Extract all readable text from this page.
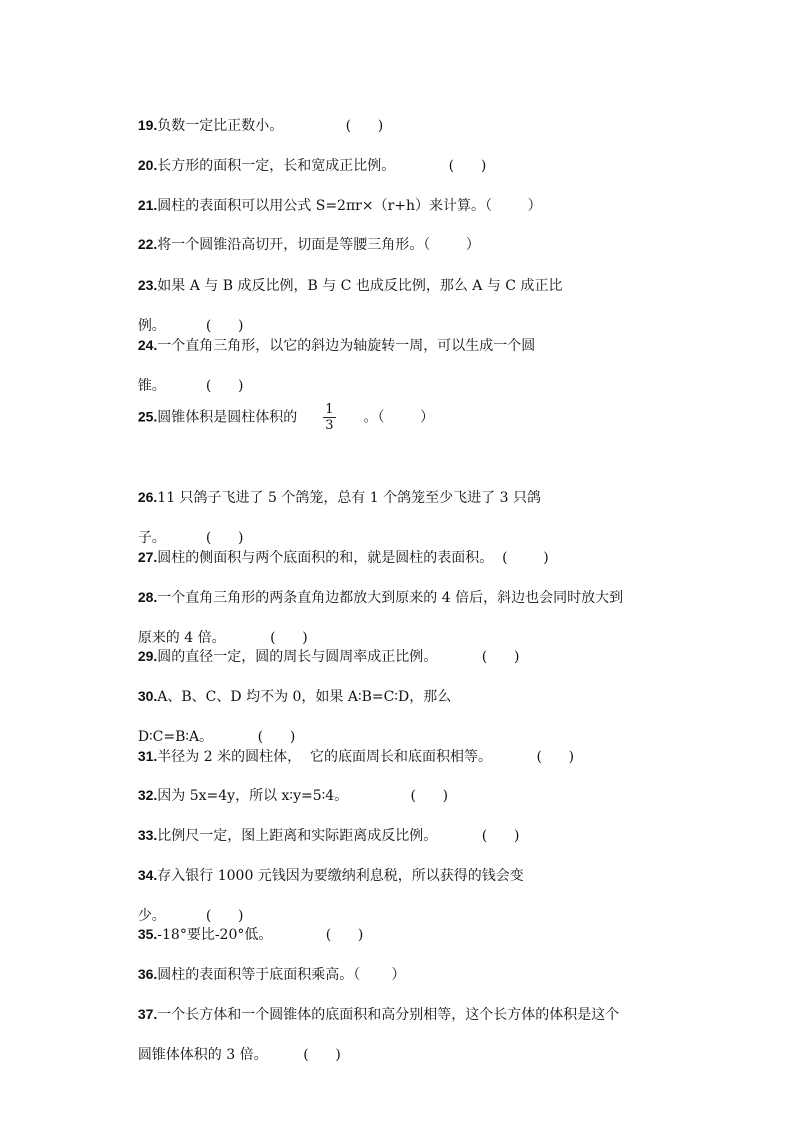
19.负数一定比正数小。              (      )

20.长方形的面积一定，长和宽成正比例。            (      )

21.圆柱的表面积可以用公式 S=2πr×（r+h）来计算。（        ）

22.将一个圆锥沿高切开，切面是等腰三角形。（        ）

23.如果 A 与 B 成反比例，B 与 C 也成反比例，那么 A 与 C 成正比

例。         (      )

24.一个直角三角形，以它的斜边为轴旋转一周，可以生成一个圆

锥。         (      )

25.圆锥体积是圆柱体积的 $\frac{1}{3}$ 。（        ）

26.11 只鸽子飞进了 5 个鸽笼，总有 1 个鸽笼至少飞进了 3 只鸽

子。         (      )

27.圆柱的侧面积与两个底面积的和，就是圆柱的表面积。  (        )

28.一个直角三角形的两条直角边都放大到原来的 4 倍后，斜边也会同时放大到

原来的 4 倍。          (      )

29.圆的直径一定，圆的周长与圆周率成正比例。          (      )

30.A、B、C、D 均不为 0，如果 A∶B=C∶D，那么

D∶C=B∶A。          (      )

31.半径为 2 米的圆柱体，  它的底面周长和底面积相等。          (      )

32.因为 5x=4y，所以 x∶y=5∶4。              (      )

33.比例尺一定，图上距离和实际距离成反比例。          (      )

34.存入银行 1000 元钱因为要缴纳利息税，所以获得的钱会变

少。         (      )

35.-18°要比-20°低。            (      )

36.圆柱的表面积等于底面积乘高。（       ）

37.一个长方体和一个圆锥体的底面积和高分别相等，这个长方体的体积是这个

圆锥体体积的 3 倍。        (      )
